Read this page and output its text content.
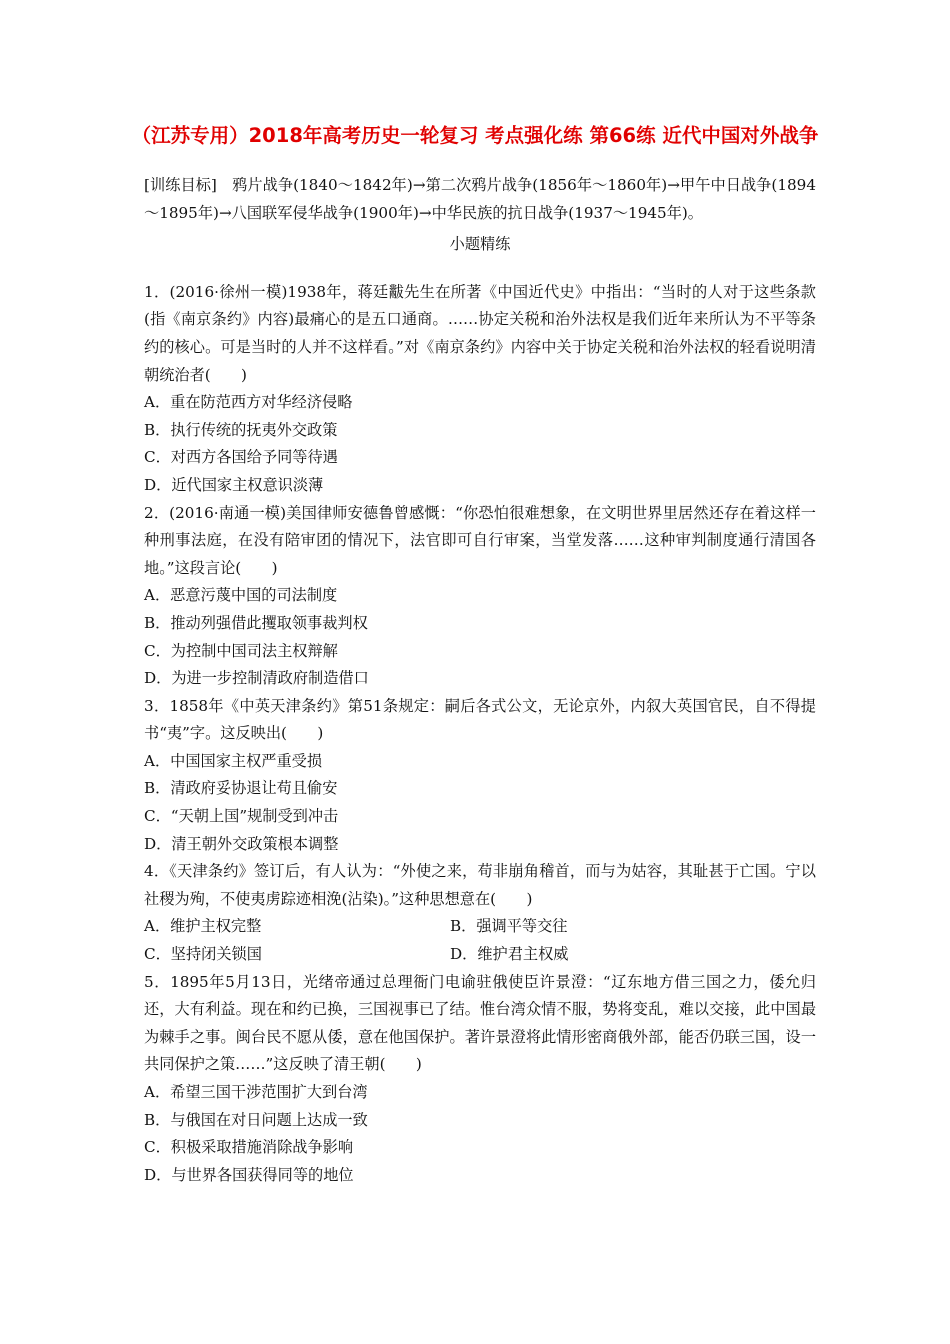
（江苏专用）2018年高考历史一轮复习 考点强化练 第66练 近代中国对外战争

[训练目标]　鸦片战争(1840～1842年)→第二次鸦片战争(1856年～1860年)→甲午中日战争(1894～1895年)→八国联军侵华战争(1900年)→中华民族的抗日战争(1937～1945年)。

小题精练

1．(2016·徐州一模)1938年，蒋廷黻先生在所著《中国近代史》中指出：“当时的人对于这些条款(指《南京条约》内容)最痛心的是五口通商。……协定关税和治外法权是我们近年来所认为不平等条约的核心。可是当时的人并不这样看。”对《南京条约》内容中关于协定关税和治外法权的轻看说明清朝统治者(　　)

A．重在防范西方对华经济侵略

B．执行传统的抚夷外交政策

C．对西方各国给予同等待遇

D．近代国家主权意识淡薄

2．(2016·南通一模)美国律师安德鲁曾感慨：“你恐怕很难想象，在文明世界里居然还存在着这样一种刑事法庭，在没有陪审团的情况下，法官即可自行审案，当堂发落……这种审判制度通行清国各地。”这段言论(　　)

A．恶意污蔑中国的司法制度

B．推动列强借此攫取领事裁判权

C．为控制中国司法主权辩解

D．为进一步控制清政府制造借口

3．1858年《中英天津条约》第51条规定：嗣后各式公文，无论京外，内叙大英国官民，自不得提书“夷”字。这反映出(　　)

A．中国国家主权严重受损

B．清政府妥协退让苟且偷安

C．“天朝上国”规制受到冲击

D．清王朝外交政策根本调整

4．《天津条约》签订后，有人认为：“外使之来，苟非崩角稽首，而与为姑容，其耻甚于亡国。宁以社稷为殉，不使夷虏踪迹相浼(沾染)。”这种思想意在(　　)

A．维护主权完整	B．强调平等交往

C．坚持闭关锁国	D．维护君主权威

5．1895年5月13日，光绪帝通过总理衙门电谕驻俄使臣许景澄：“辽东地方借三国之力，倭允归还，大有利益。现在和约已换，三国视事已了结。惟台湾众情不服，势将变乱，难以交接，此中国最为棘手之事。闽台民不愿从倭，意在他国保护。著许景澄将此情形密商俄外部，能否仍联三国，设一共同保护之策……”这反映了清王朝(　　)

A．希望三国干涉范围扩大到台湾

B．与俄国在对日问题上达成一致

C．积极采取措施消除战争影响

D．与世界各国获得同等的地位
